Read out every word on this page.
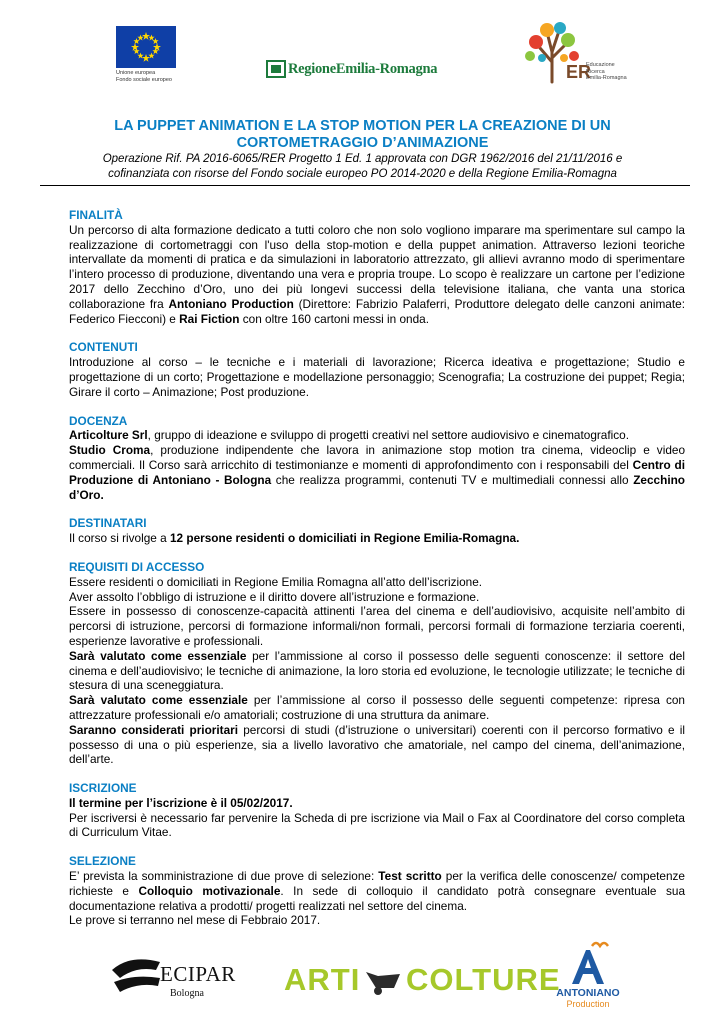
Unione europea
Fondo sociale europeo
RegioneEmilia-Romagna	ER
Educazione
Ricerca
Emilia-Romagna
LA PUPPET ANIMATION E LA STOP MOTION PER LA CREAZIONE DI UN
CORTOMETRAGGIO D’ANIMAZIONE

Operazione Rif. PA 2016-6065/RER Progetto 1 Ed. 1 approvata con DGR 1962/2016 del 21/11/2016 e
cofinanziata con risorse del Fondo sociale europeo PO 2014-2020 e della Regione Emilia-Romagna

FINALITÀ

Un percorso di alta formazione dedicato a tutti coloro che non solo vogliono imparare ma sperimentare sul campo la realizzazione di cortometraggi con l'uso della stop-motion e della puppet animation. Attraverso lezioni teoriche intervallate da momenti di pratica e da simulazioni in laboratorio attrezzato, gli allievi avranno modo di sperimentare l’intero processo di produzione, diventando una vera e propria troupe. Lo scopo è realizzare un cartone per l’edizione 2017 dello Zecchino d’Oro, uno dei più longevi successi della televisione italiana, che vanta una storica collaborazione fra Antoniano Production (Direttore: Fabrizio Palaferri, Produttore delegato delle canzoni animate: Federico Fiecconi) e Rai Fiction con oltre 160 cartoni messi in onda.

CONTENUTI

Introduzione al corso – le tecniche e i materiali di lavorazione; Ricerca ideativa e progettazione; Studio e progettazione di un corto; Progettazione e modellazione personaggio; Scenografia; La costruzione dei puppet; Regia; Girare il corto – Animazione; Post produzione.

DOCENZA

Articolture Srl, gruppo di ideazione e sviluppo di progetti creativi nel settore audiovisivo e cinematografico.

Studio Croma, produzione indipendente che lavora in animazione stop motion tra cinema, videoclip e video commerciali. Il Corso sarà arricchito di testimonianze e momenti di approfondimento con i responsabili del Centro di Produzione di Antoniano - Bologna che realizza programmi, contenuti TV e multimediali connessi allo Zecchino d’Oro.

DESTINATARI

Il corso si rivolge a 12 persone residenti o domiciliati in Regione Emilia-Romagna.

REQUISITI DI ACCESSO

Essere residenti o domiciliati in Regione Emilia Romagna all’atto dell’iscrizione.

Aver assolto l’obbligo di istruzione e il diritto dovere all’istruzione e formazione.

Essere in possesso di conoscenze-capacità attinenti l’area del cinema e dell’audiovisivo, acquisite nell’ambito di percorsi di istruzione, percorsi di formazione informali/non formali, percorsi formali di formazione terziaria coerenti, esperienze lavorative e professionali.

Sarà valutato come essenziale per l’ammissione al corso il possesso delle seguenti conoscenze: il settore del cinema e dell’audiovisivo; le tecniche di animazione, la loro storia ed evoluzione, le tecnologie utilizzate; le tecniche di stesura di una sceneggiatura.

Sarà valutato come essenziale per l’ammissione al corso il possesso delle seguenti competenze: ripresa con attrezzature professionali e/o amatoriali; costruzione di una struttura da animare.

Saranno considerati prioritari percorsi di studi (d’istruzione o universitari) coerenti con il percorso formativo e il possesso di una o più esperienze, sia a livello lavorativo che amatoriale, nel campo del cinema, dell’animazione, dell’arte.

ISCRIZIONE

Il termine per l’iscrizione è il 05/02/2017.

Per iscriversi è necessario far pervenire la Scheda di pre iscrizione via Mail o Fax al Coordinatore del corso completa di Curriculum Vitae.

SELEZIONE

E’ prevista la somministrazione di due prove di selezione: Test scritto per la verifica delle conoscenze/ competenze richieste e Colloquio motivazionale. In sede di colloquio il candidato potrà consegnare eventuale sua documentazione relativa a prodotti/ progetti realizzati nel settore del cinema.

Le prove si terranno nel mese di Febbraio 2017.

ECIPAR
Bologna	ARTI COLTURE
ANTONIANO
Production
